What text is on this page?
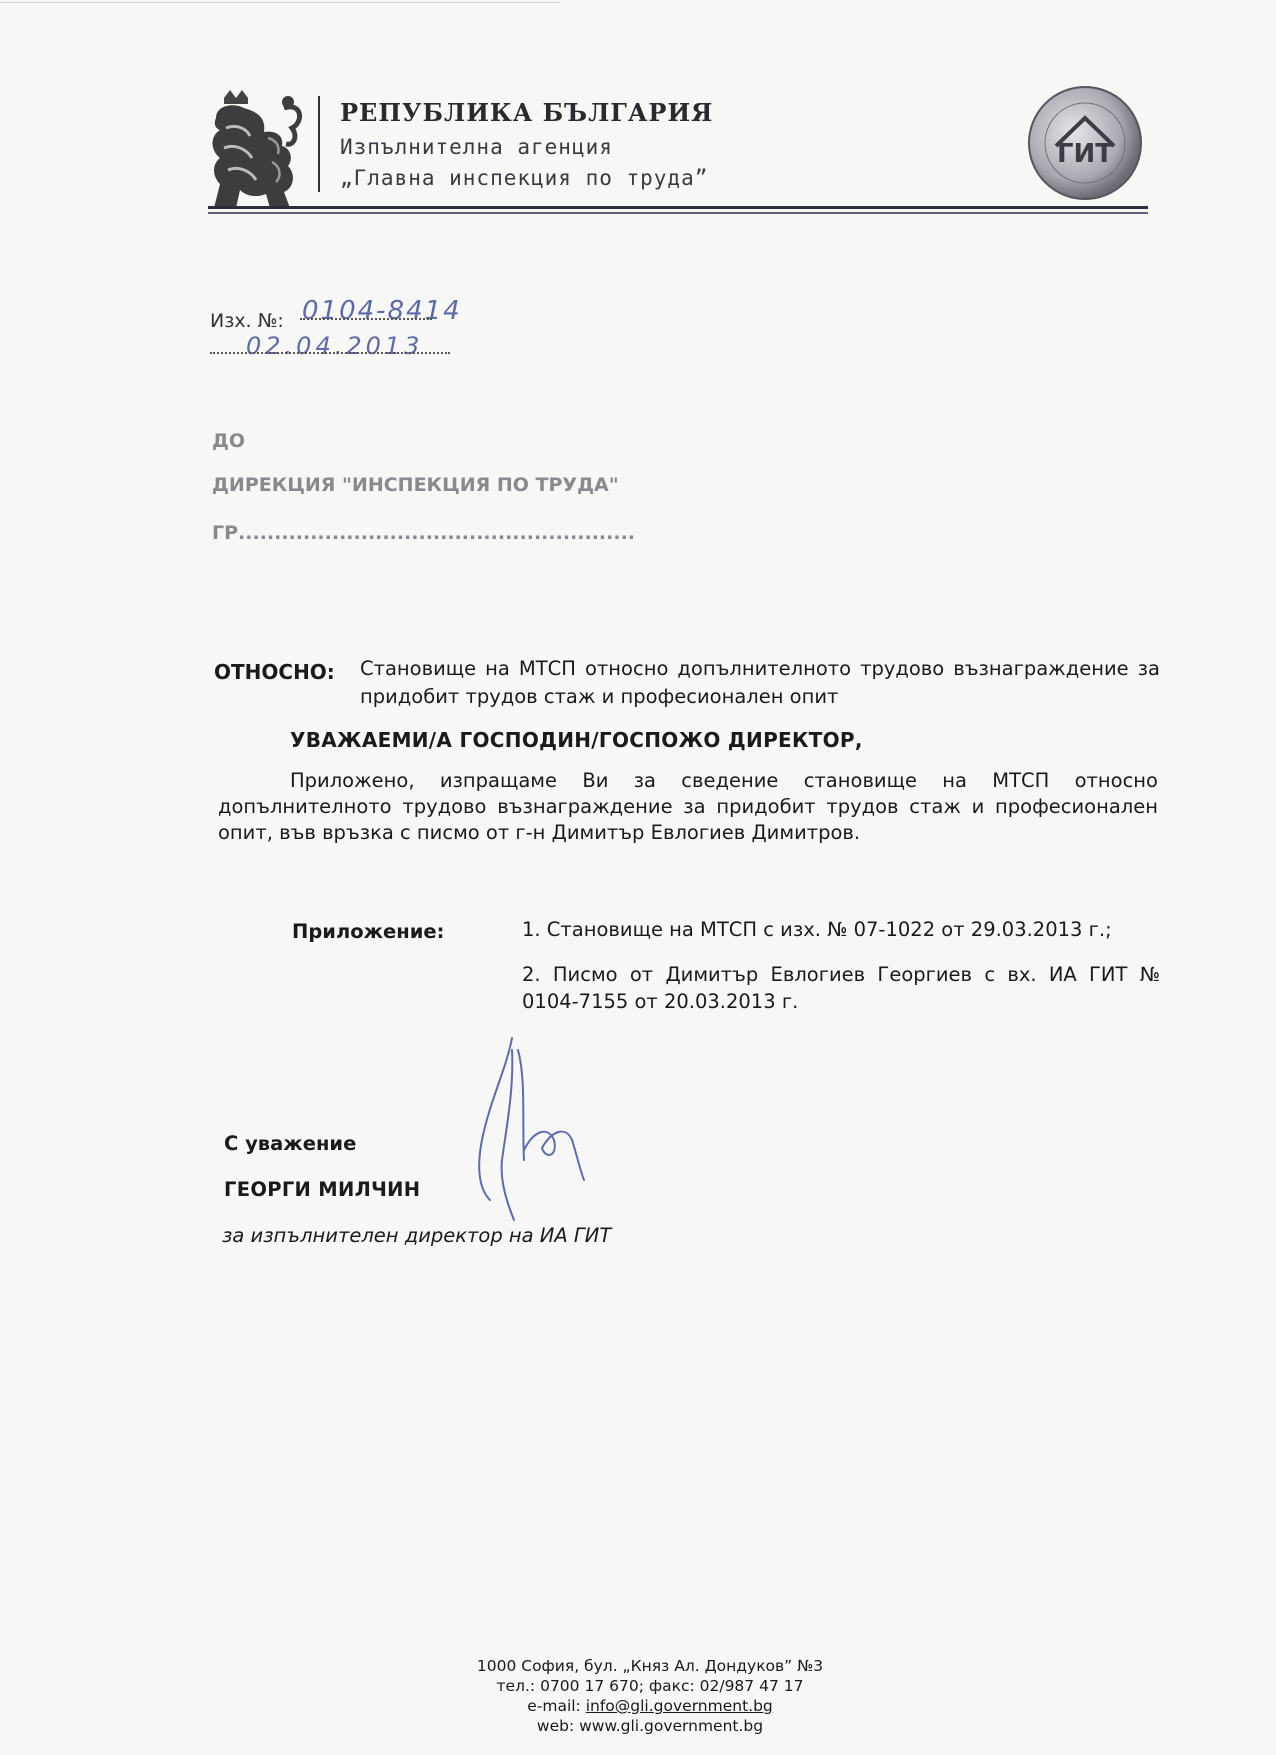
РЕПУБЛИКА БЪЛГАРИЯ
Изпълнителна агенция
„Главна инспекция по труда”
ГИТ
Изх. №: 0104-8414
02.04.2013
ДО
ДИРЕКЦИЯ "ИНСПЕКЦИЯ ПО ТРУДА"
ГР.......................................................
ОТНОСНО: Становище на МТСП относно допълнителното трудово възнаграждение за придобит трудов стаж и професионален опит
УВАЖАЕМИ/А ГОСПОДИН/ГОСПОЖО ДИРЕКТОР,
Приложено, изпращаме Ви за сведение становище на МТСП относно допълнителното трудово възнаграждение за придобит трудов стаж и професионален опит, във връзка с писмо от г-н Димитър Евлогиев Димитров.
Приложение:	1. Становище на МТСП с изх. № 07-1022 от 29.03.2013 г.;
2. Писмо от Димитър Евлогиев Георгиев с вх. ИА ГИТ № 0104-7155 от 20.03.2013 г.
С уважение
ГЕОРГИ МИЛЧИН
за изпълнителен директор на ИА ГИТ
1000 София, бул. „Княз Ал. Дондуков” №3
тел.: 0700 17 670; факс: 02/987 47 17
e-mail: info@gli.government.bg
web: www.gli.government.bg
